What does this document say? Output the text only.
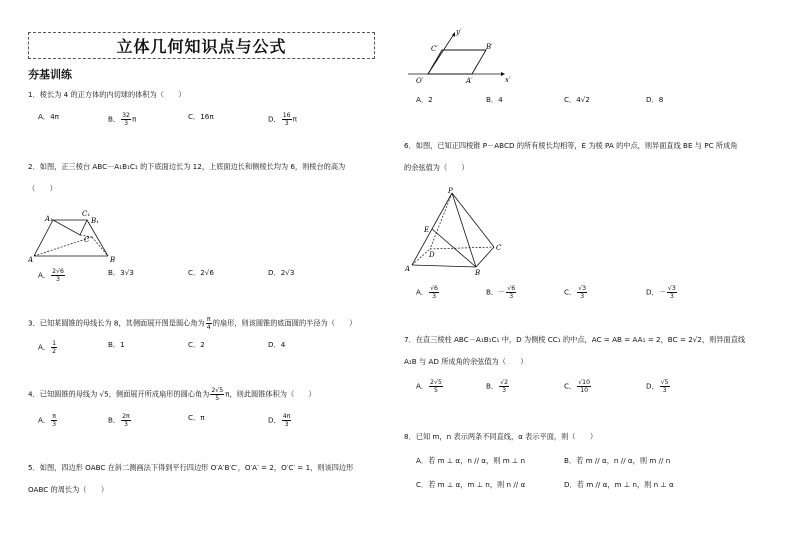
立体几何知识点与公式
夯基训练
1．棱长为 4 的正方体的内切球的体积为（　　）
A．4π	B． $\frac{32}{3}$ π	C．16π	D． $\frac{16}{3}$ π
2．如图，正三棱台 ABC－A₁B₁C₁ 的下底面边长为 12，上底面边长和侧棱长均为 6，则棱台的高为
（　　）
A₁
C₁
B₁
C
A	B
A． $\frac{2√6}{3}$	B．3√3	C．2√6	D．2√3
3．已知某圆锥的母线长为 8，其侧面展开图是圆心角为 $\frac{\pi}{4}$ 的扇形，则该圆锥的底面圆的半径为（　　）
A． $\frac{1}{2}$	B．1	C．2	D．4
4．已知圆锥的母线为 √5，侧面展开所成扇形的圆心角为 $\frac{2√5}{5}$ π，则此圆锥体积为（　　）
A． $\frac{\pi}{3}$	B． $\frac{2\pi}{3}$	C．π	D． $\frac{4\pi}{3}$
5．如图，四边形 OABC 在斜二测画法下得到平行四边形 O′A′B′C′，O′A′ = 2，O′C′ = 1，则该四边形
OABC 的周长为（　　）
y′
x′
O′	A′
B′
C′
A．2	B．4	C．4√2	D．8
6．如图，已知正四棱锥 P－ABCD 的所有棱长均相等，E 为棱 PA 的中点，则异面直线 BE 与 PC 所成角
的余弦值为（　　）
P
E
D
A	B
C
A． $\frac{√6}{3}$	B．－ $\frac{√6}{3}$	C． $\frac{√3}{3}$	D．－ $\frac{√3}{3}$
7．在直三棱柱 ABC－A₁B₁C₁ 中，D 为侧棱 CC₁ 的中点，AC = AB = AA₁ = 2，BC = 2√2，则异面直线
A₁B 与 AD 所成角的余弦值为（　　）
A． $\frac{2√5}{5}$	B． $\frac{√2}{3}$	C． $\frac{√10}{10}$	D． $\frac{√5}{3}$
8．已知 m，n 表示两条不同直线，α 表示平面，则（　　）
A．若 m ⊥ α，n // α，则 m ⊥ n	B．若 m // α，n // α，则 m // n
C．若 m ⊥ α，m ⊥ n，则 n // α	D．若 m // α，m ⊥ n，则 n ⊥ α
